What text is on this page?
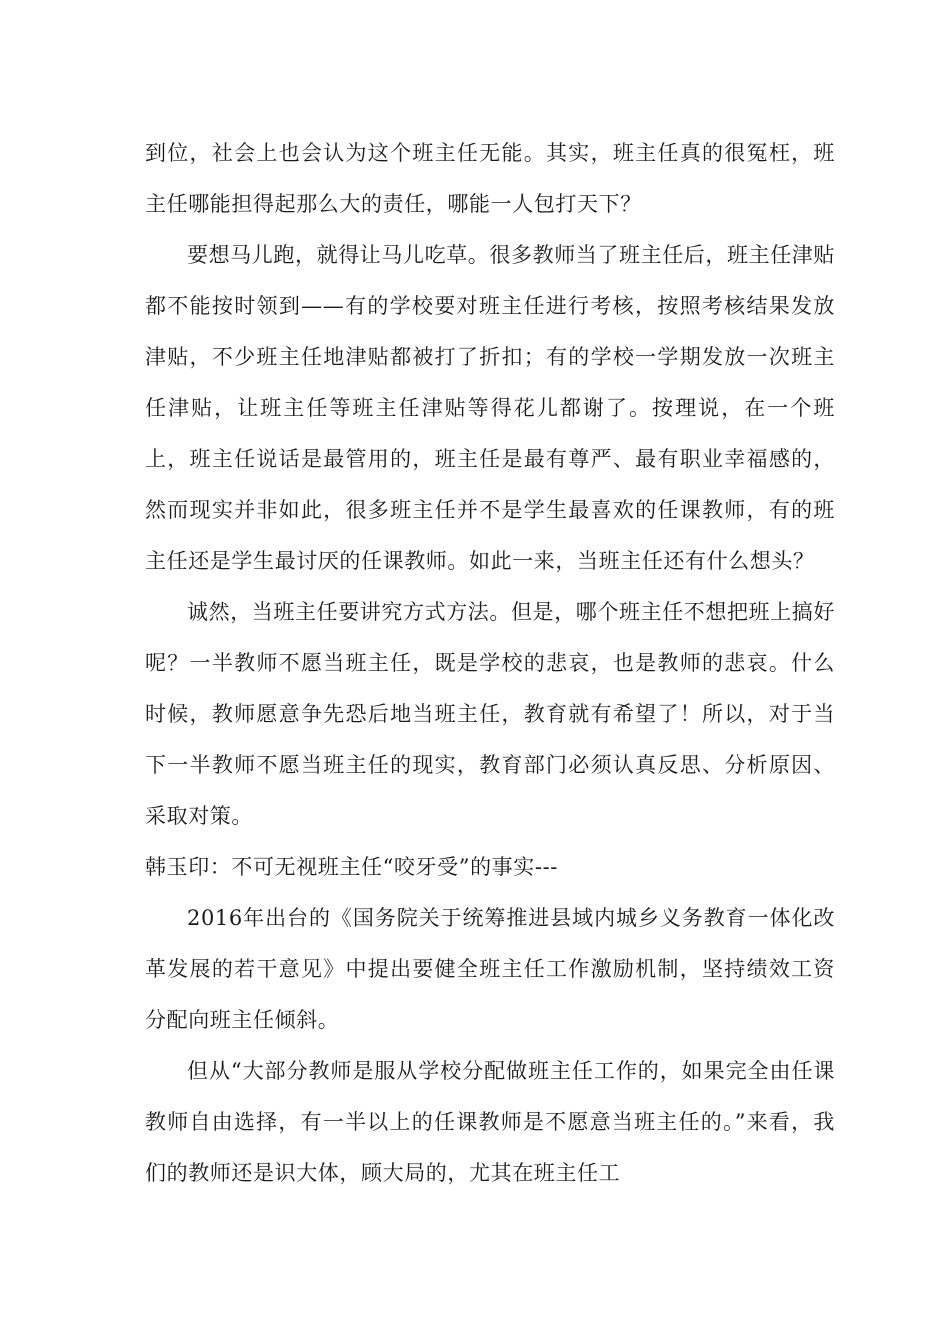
到位，社会上也会认为这个班主任无能。其实，班主任真的很冤枉，班主任哪能担得起那么大的责任，哪能一人包打天下？

要想马儿跑，就得让马儿吃草。很多教师当了班主任后，班主任津贴都不能按时领到——有的学校要对班主任进行考核，按照考核结果发放津贴，不少班主任地津贴都被打了折扣；有的学校一学期发放一次班主任津贴，让班主任等班主任津贴等得花儿都谢了。按理说，在一个班上，班主任说话是最管用的，班主任是最有尊严、最有职业幸福感的，然而现实并非如此，很多班主任并不是学生最喜欢的任课教师，有的班主任还是学生最讨厌的任课教师。如此一来，当班主任还有什么想头？

诚然，当班主任要讲究方式方法。但是，哪个班主任不想把班上搞好呢？一半教师不愿当班主任，既是学校的悲哀，也是教师的悲哀。什么时候，教师愿意争先恐后地当班主任，教育就有希望了！所以，对于当下一半教师不愿当班主任的现实，教育部门必须认真反思、分析原因、采取对策。

韩玉印：不可无视班主任“咬牙受”的事实---

2016年出台的《国务院关于统筹推进县域内城乡义务教育一体化改革发展的若干意见》中提出要健全班主任工作激励机制，坚持绩效工资分配向班主任倾斜。

但从“大部分教师是服从学校分配做班主任工作的，如果完全由任课教师自由选择，有一半以上的任课教师是不愿意当班主任的。”来看，我们的教师还是识大体，顾大局的，尤其在班主任工
